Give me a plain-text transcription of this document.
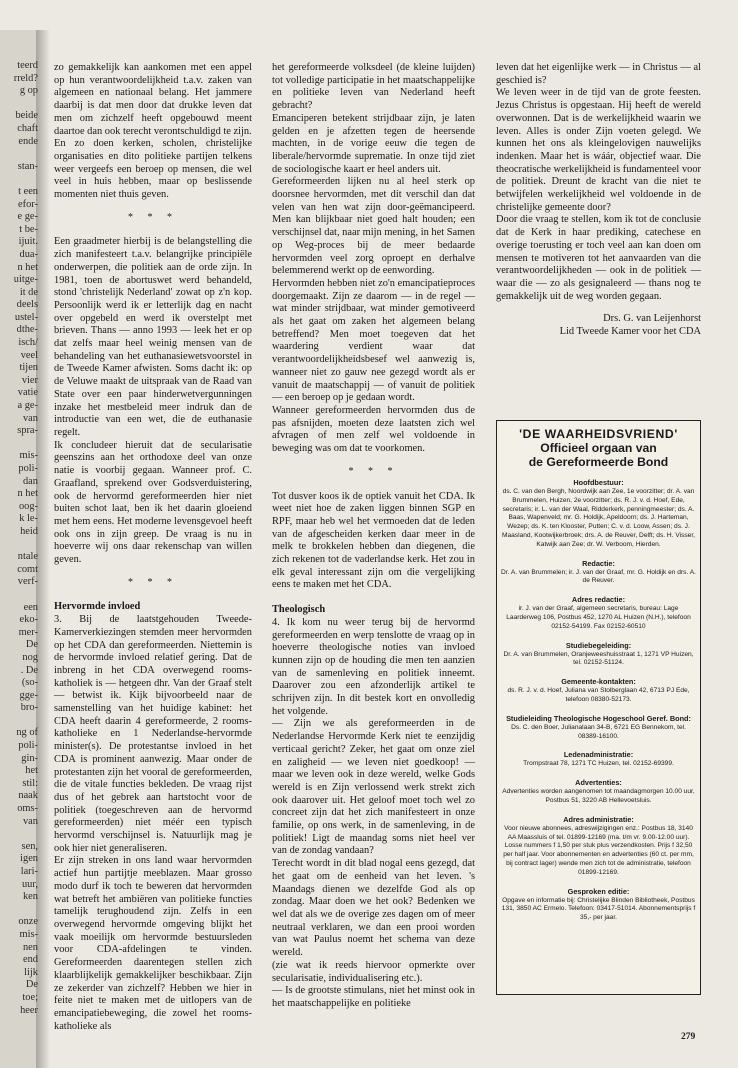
teerd
rreld?
g op
beide
chaft
ende
stan-
t een
efor-
e ge-
t be-
ijuit.
dua-
n het
uitge-
it de
deels
ustel-
dthe-
isch/
veel
tijen
vier
vatie
a ge-
van
spra-
mis-
poli-
dan
n het
oog-
k le-
heid
ntale
comt
verf-
een
eko-
mer-
De
nog
. De
(so-
gge-
bro-
ng of
poli-
gin-
het
stil:
naak
oms-
van
sen,
igen
lari-
uur,
ken
onze
mis-
nen
end
lijk
De
toe;
heer

zo gemakkelijk kan aankomen met een appel op hun verantwoordelijkheid t.a.v. zaken van algemeen en nationaal belang. Het jammere daarbij is dat men door dat drukke leven dat men om zichzelf heeft opgebouwd meent daartoe dan ook terecht verontschuldigd te zijn.

En zo doen kerken, scholen, christelijke organisaties en dito politieke partijen telkens weer vergeefs een beroep op mensen, die wel veel in huis hebben, maar op beslissende momenten niet thuis geven.

* * *

Een graadmeter hierbij is de belangstelling die zich manifesteert t.a.v. belangrijke principiële onderwerpen, die politiek aan de orde zijn. In 1981, toen de abortuswet werd behandeld, stond 'christelijk Nederland' zowat op z'n kop. Persoonlijk werd ik er letterlijk dag en nacht over opgebeld en werd ik overstelpt met brieven. Thans — anno 1993 — leek het er op dat zelfs maar heel weinig mensen van de behandeling van het euthanasiewetsvoorstel in de Tweede Kamer afwisten. Soms dacht ik: op de Veluwe maakt de uitspraak van de Raad van State over een paar hinderwetvergunningen inzake het mestbeleid meer indruk dan de introductie van een wet, die de euthanasie regelt.

Ik concludeer hieruit dat de secularisatie geenszins aan het orthodoxe deel van onze natie is voorbij gegaan. Wanneer prof. C. Graafland, sprekend over Godsverduistering, ook de hervormd gereformeerden hier niet buiten schot laat, ben ik het daarin gloeiend met hem eens. Het moderne levensgevoel heeft ook ons in zijn greep. De vraag is nu in hoeverre wij ons daar rekenschap van willen geven.

* * *
Hervormde invloed

3. Bij de laatstgehouden Tweede-Kamerverkiezingen stemden meer hervormden op het CDA dan gereformeerden. Niettemin is de hervormde invloed relatief gering. Dat de inbreng in het CDA overwegend rooms-katholiek is — hetgeen dhr. Van der Graaf stelt — betwist ik. Kijk bijvoorbeeld naar de samenstelling van het huidige kabinet: het CDA heeft daarin 4 gereformeerde, 2 rooms-katholieke en 1 Nederlandse-hervormde minister(s). De protestantse invloed in het CDA is prominent aanwezig. Maar onder de protestanten zijn het vooral de gereformeerden, die de vitale functies bekleden. De vraag rijst dus of het gebrek aan hartstocht voor de politiek (toegeschreven aan de hervormd gereformeerden) niet méér een typisch hervormd verschijnsel is. Natuurlijk mag je ook hier niet generaliseren.

Er zijn streken in ons land waar hervormden actief hun partijtje meeblazen. Maar grosso modo durf ik toch te beweren dat hervormden wat betreft het ambiëren van politieke functies tamelijk terughoudend zijn. Zelfs in een overwegend hervormde omgeving blijkt het vaak moeilijk om hervormde bestuursleden voor CDA-afdelingen te vinden. Gereformeerden daarentegen stellen zich klaarblijkelijk gemakkelijker beschikbaar. Zijn ze zekerder van zichzelf? Hebben we hier in feite niet te maken met de uitlopers van de emancipatiebeweging, die zowel het rooms-katholieke als

het gereformeerde volksdeel (de kleine luijden) tot volledige participatie in het maatschappelijke en politieke leven van Nederland heeft gebracht?

Emanciperen betekent strijdbaar zijn, je laten gelden en je afzetten tegen de heersende machten, in de vorige eeuw die tegen de liberale/hervormde suprematie. In onze tijd ziet de sociologische kaart er heel anders uit.

Gereformeerden lijken nu al heel sterk op doorsnee hervormden, met dit verschil dan dat velen van hen wat zijn door-geëmancipeerd. Men kan blijkbaar niet goed halt houden; een verschijnsel dat, naar mijn mening, in het Samen op Weg-proces bij de meer bedaarde hervormden veel zorg oproept en derhalve belemmerend werkt op de eenwording.

Hervormden hebben niet zo'n emancipatieproces doorgemaakt. Zijn ze daarom — in de regel — wat minder strijdbaar, wat minder gemotiveerd als het gaat om zaken het algemeen belang betreffend? Men moet toegeven dat het waardering verdient waar dat verantwoordelijkheidsbesef wel aanwezig is, wanneer niet zo gauw nee gezegd wordt als er vanuit de maatschappij — of vanuit de politiek — een beroep op je gedaan wordt.

Wanneer gereformeerden hervormden dus de pas afsnijden, moeten deze laatsten zich wel afvragen of men zelf wel voldoende in beweging was om dat te voorkomen.

* * *

Tot dusver koos ik de optiek vanuit het CDA. Ik weet niet hoe de zaken liggen binnen SGP en RPF, maar heb wel het vermoeden dat de leden van de afgescheiden kerken daar meer in de melk te brokkelen hebben dan diegenen, die zich rekenen tot de vaderlandse kerk. Het zou in elk geval interessant zijn om die vergelijking eens te maken met het CDA.

Theologisch

4. Ik kom nu weer terug bij de hervormd gereformeerden en werp tenslotte de vraag op in hoeverre theologische noties van invloed kunnen zijn op de houding die men ten aanzien van de samenleving en politiek inneemt. Daarover zou een afzonderlijk artikel te schrijven zijn. In dit bestek kort en onvolledig het volgende.

— Zijn we als gereformeerden in de Nederlandse Hervormde Kerk niet te eenzijdig verticaal gericht? Zeker, het gaat om onze ziel en zaligheid — we leven niet goedkoop! — maar we leven ook in deze wereld, welke Gods wereld is en Zijn verlossend werk strekt zich ook daarover uit. Het geloof moet toch wel zo concreet zijn dat het zich manifesteert in onze familie, op ons werk, in de samenleving, in de politiek! Ligt de maandag soms niet heel ver van de zondag vandaan?

Terecht wordt in dit blad nogal eens gezegd, dat het gaat om de eenheid van het leven. 's Maandags dienen we dezelfde God als op zondag. Maar doen we het ook? Bedenken we wel dat als we de overige zes dagen om of meer neutraal verklaren, we dan een prooi worden van wat Paulus noemt het schema van deze wereld.

(zie wat ik reeds hiervoor opmerkte over secularisatie, individualisering etc.).

— Is de grootste stimulans, niet het minst ook in het maatschappelijke en politieke

leven dat het eigenlijke werk — in Christus — al geschied is?

We leven weer in de tijd van de grote feesten. Jezus Christus is opgestaan. Hij heeft de wereld overwonnen. Dat is de werkelijkheid waarin we leven. Alles is onder Zijn voeten gelegd. We kunnen het ons als kleingelovigen nauwelijks indenken. Maar het is wáár, objectief waar. Die theocratische werkelijkheid is fundamenteel voor de politiek. Dreunt de kracht van die niet te betwijfelen werkelijkheid wel voldoende in de christelijke gemeente door?

Door die vraag te stellen, kom ik tot de conclusie dat de Kerk in haar prediking, catechese en overige toerusting er toch veel aan kan doen om mensen te motiveren tot het aanvaarden van die verantwoordelijkheden — ook in de politiek — waar die — zo als gesignaleerd — thans nog te gemakkelijk uit de weg worden gegaan.

Drs. G. van Leijenhorst
Lid Tweede Kamer voor het CDA
'DE WAARHEIDSVRIEND'
Officieel orgaan van
de Gereformeerde Bond
Hoofdbestuur:
ds. C. van den Bergh, Noordwijk aan Zee, 1e voorzitter; dr. A. van Brummelen, Huizen, 2e voorzitter; ds. R. J. v. d. Hoef, Ede, secretaris; ir. L. van der Waal, Ridderkerk, penningmeester; ds. A. Baas, Wapenveld; mr. G. Holdijk, Apeldoorn; ds. J. Harteman, Wezep; ds. K. ten Klooster, Putten; C. v. d. Loow, Assen; ds. J. Maasland, Kootwijkerbroek; drs. A. de Reuver, Delft; ds. H. Visser, Katwijk aan Zee; dr. W. Verboom, Hierden.
Redactie:
Dr. A. van Brummelen; ir. J. van der Graaf, mr. G. Holdijk en drs. A. de Reuver.
Adres redactie:
ir. J. van der Graaf, algemeen secretaris, bureau: Lage Laarderweg 106, Postbus 452, 1270 AL Huizen (N.H.), telefoon 02152-54199. Fax 02152-60510
Studiebegeleiding:
Dr. A. van Brummelen, Oranjeweeshuisstraat 1, 1271 VP Huizen, tel. 02152-51124.
Gemeente-kontakten:
ds. R. J. v. d. Hoef, Juliana van Stolberglaan 42, 6713 PJ Ede, telefoon 08380-52173.
Studieleiding Theologische Hogeschool Geref. Bond:
Ds. C. den Boer, Julianalaan 34-B, 6721 EG Bennekom, tel. 08389-16100.
Ledenadministratie:
Trompstraat 78, 1271 TC Huizen, tel. 02152-69399.
Advertenties:
Advertenties worden aangenomen tot maandagmorgen 10.00 uur, Postbus 51, 3220 AB Hellevoetsluis.
Adres administratie:
Voor nieuwe abonnees, adreswijzigingen enz.: Postbus 18, 3140 AA Maassluis of tel. 01899-12169 (ma. t/m vr. 9.00-12.00 uur). Losse nummers f 1,50 per stuk plus verzendkosten. Prijs f 32,50 per half jaar. Voor abonnementen en advertenties (60 ct. per mm, bij contract lager) wende men zich tot de administratie, telefoon 01899-12169.
Gesproken editie:
Opgave en informatie bij: Christelijke Blinden Bibliotheek, Postbus 131, 3850 AC Ermelo. Telefoon: 03417-51014. Abonnementsprijs f 35,- per jaar.
279
